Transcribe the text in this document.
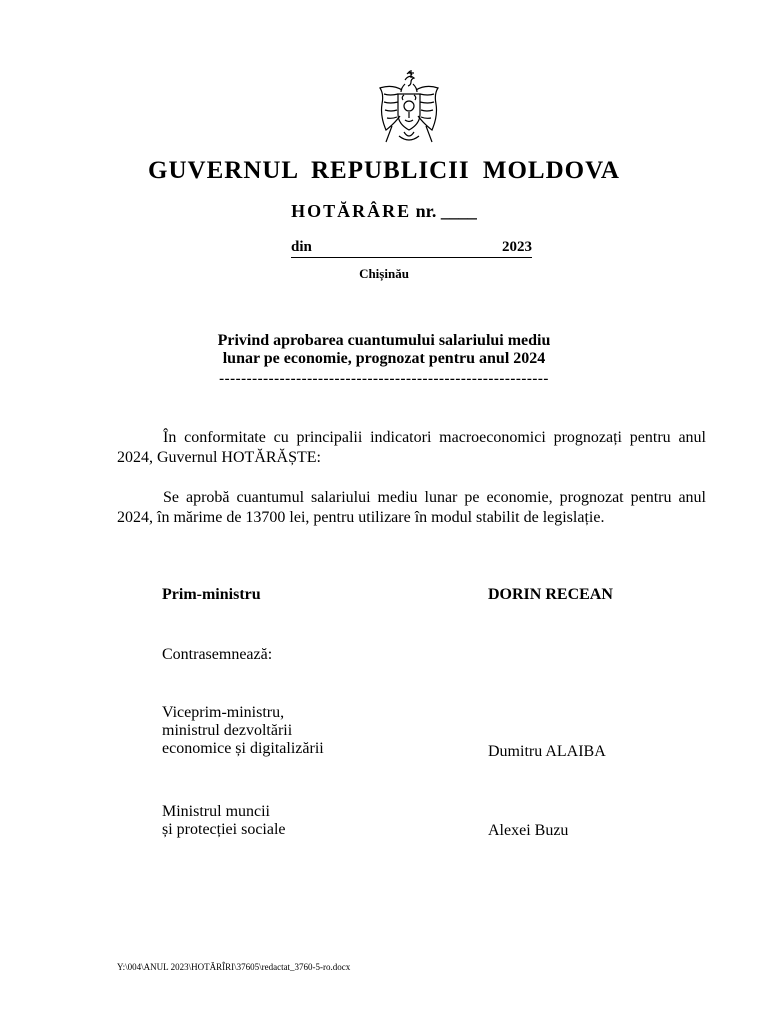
GUVERNUL REPUBLICII MOLDOVA
HOTĂRÂRE nr. ____
din	2023
Chișinău
Privind aprobarea cuantumului salariului mediu
lunar pe economie, prognozat pentru anul 2024
------------------------------------------------------------
În conformitate cu principalii indicatori macroeconomici prognozați pentru anul 2024, Guvernul HOTĂRĂȘTE:
Se aprobă cuantumul salariului mediu lunar pe economie, prognozat pentru anul 2024, în mărime de 13700 lei, pentru utilizare în modul stabilit de legislație.
Prim-ministru	DORIN RECEAN
Contrasemnează:
Viceprim-ministru,
ministrul dezvoltării
economice și digitalizării	Dumitru ALAIBA
Ministrul muncii
și protecției sociale	Alexei Buzu
Y:\004\ANUL 2023\HOTĂRÎRI\37605\redactat_3760-5-ro.docx
